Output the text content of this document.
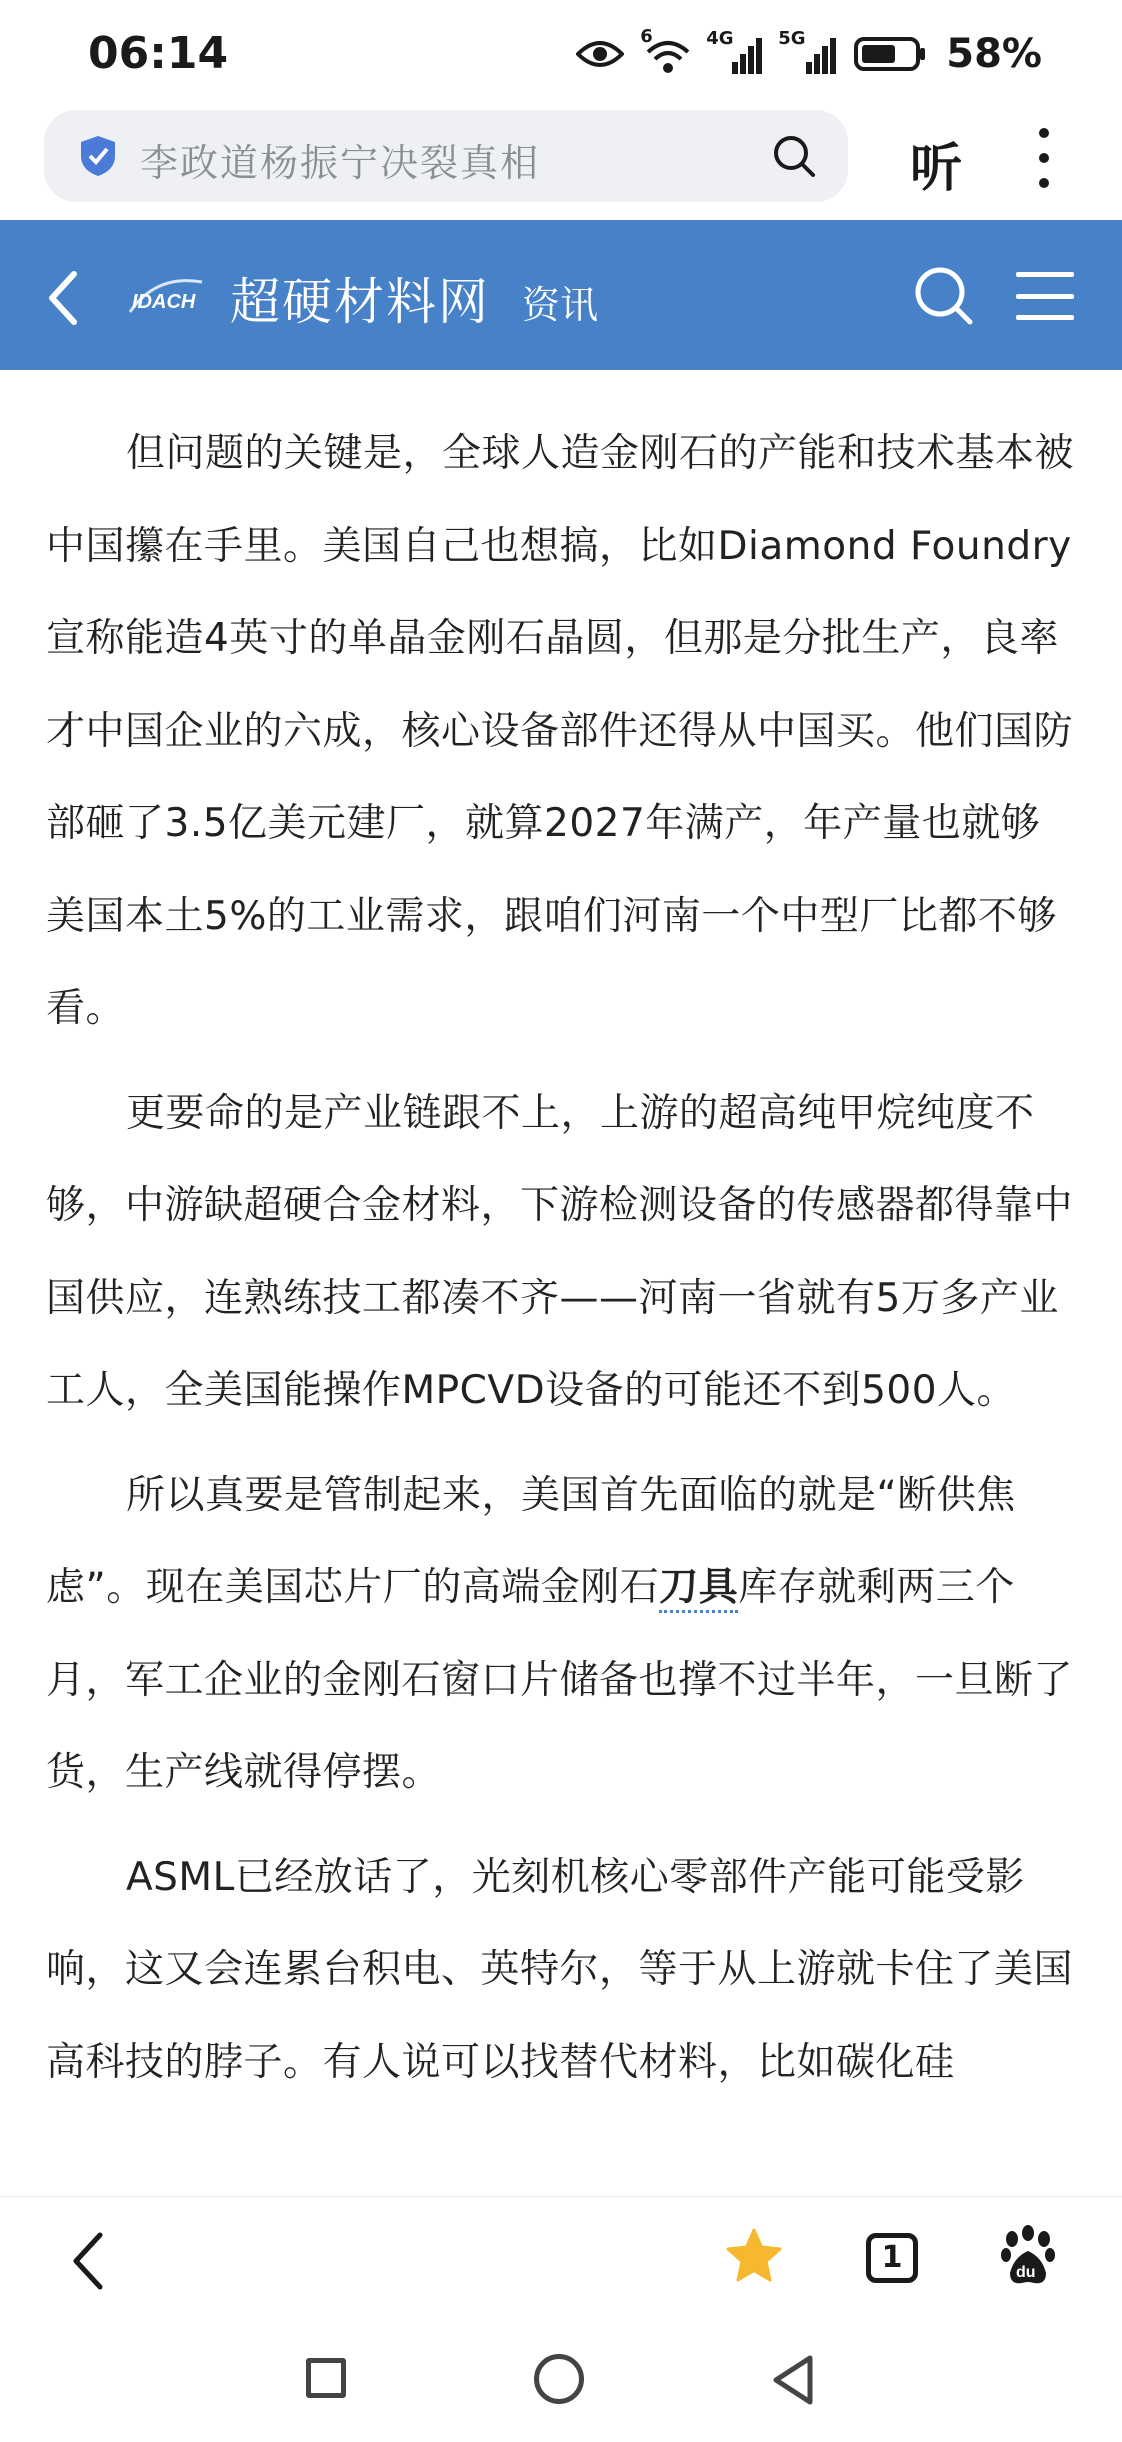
06:14	6	4G 5G	58%
李政道杨振宁决裂真相	听
IDACH 超硬材料网 资讯

但问题的关键是，全球人造金刚石的产能和技术基本被中国攥在手里。美国自己也想搞，比如Diamond Foundry宣称能造4英寸的单晶金刚石晶圆，但那是分批生产，良率才中国企业的六成，核心设备部件还得从中国买。他们国防部砸了3.5亿美元建厂，就算2027年满产，年产量也就够美国本土5%的工业需求，跟咱们河南一个中型厂比都不够看。

更要命的是产业链跟不上，上游的超高纯甲烷纯度不够，中游缺超硬合金材料，下游检测设备的传感器都得靠中国供应，连熟练技工都凑不齐——河南一省就有5万多产业工人，全美国能操作MPCVD设备的可能还不到500人。

所以真要是管制起来，美国首先面临的就是“断供焦虑”。现在美国芯片厂的高端金刚石刀具库存就剩两三个月，军工企业的金刚石窗口片储备也撑不过半年，一旦断了货，生产线就得停摆。

ASML已经放话了，光刻机核心零部件产能可能受影响，这又会连累台积电、英特尔，等于从上游就卡住了美国高科技的脖子。有人说可以找替代材料，比如碳化硅

1	du
